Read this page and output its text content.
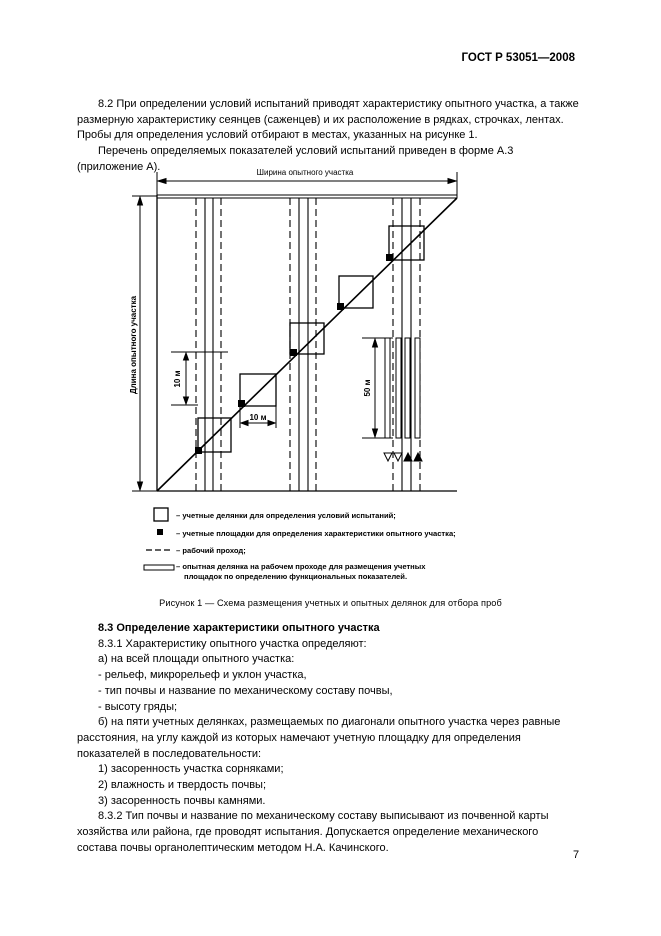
ГОСТ Р 53051—2008

8.2 При определении условий испытаний приводят характеристику опытного участка, а также размерную характеристику сеянцев (саженцев) и их расположение в рядках, строчках, лентах. Пробы для определения условий отбирают в местах, указанных на рисунке 1.

Перечень определяемых показателей условий испытаний приведен в форме А.3 (приложение А).	Ширина опытного участка
Длина опытного участка	10 м
10 м
50 м
– учетные делянки для определения условий испытаний;
– учетные площадки для определения характеристики опытного участка;
– рабочий проход;
– опытная делянка на рабочем проходе для размещения учетных
площадок по определению функциональных показателей.
Рисунок 1 — Схема размещения учетных и опытных делянок для отбора проб

8.3 Определение характеристики опытного участка

8.3.1 Характеристику опытного участка определяют:

а) на всей площади опытного участка:

- рельеф, микрорельеф и уклон участка,

- тип почвы и название по механическому составу почвы,

- высоту гряды;

б) на пяти учетных делянках, размещаемых по диагонали опытного участка через равные расстояния, на углу каждой из которых намечают учетную площадку для определения показателей в последовательности:

1) засоренность участка сорняками;

2) влажность и твердость почвы;

3) засоренность почвы камнями.

8.3.2 Тип почвы и название по механическому составу выписывают из почвенной карты хозяйства или района, где проводят испытания. Допускается определение механического состава почвы органолептическим методом Н.А. Качинского.

7
